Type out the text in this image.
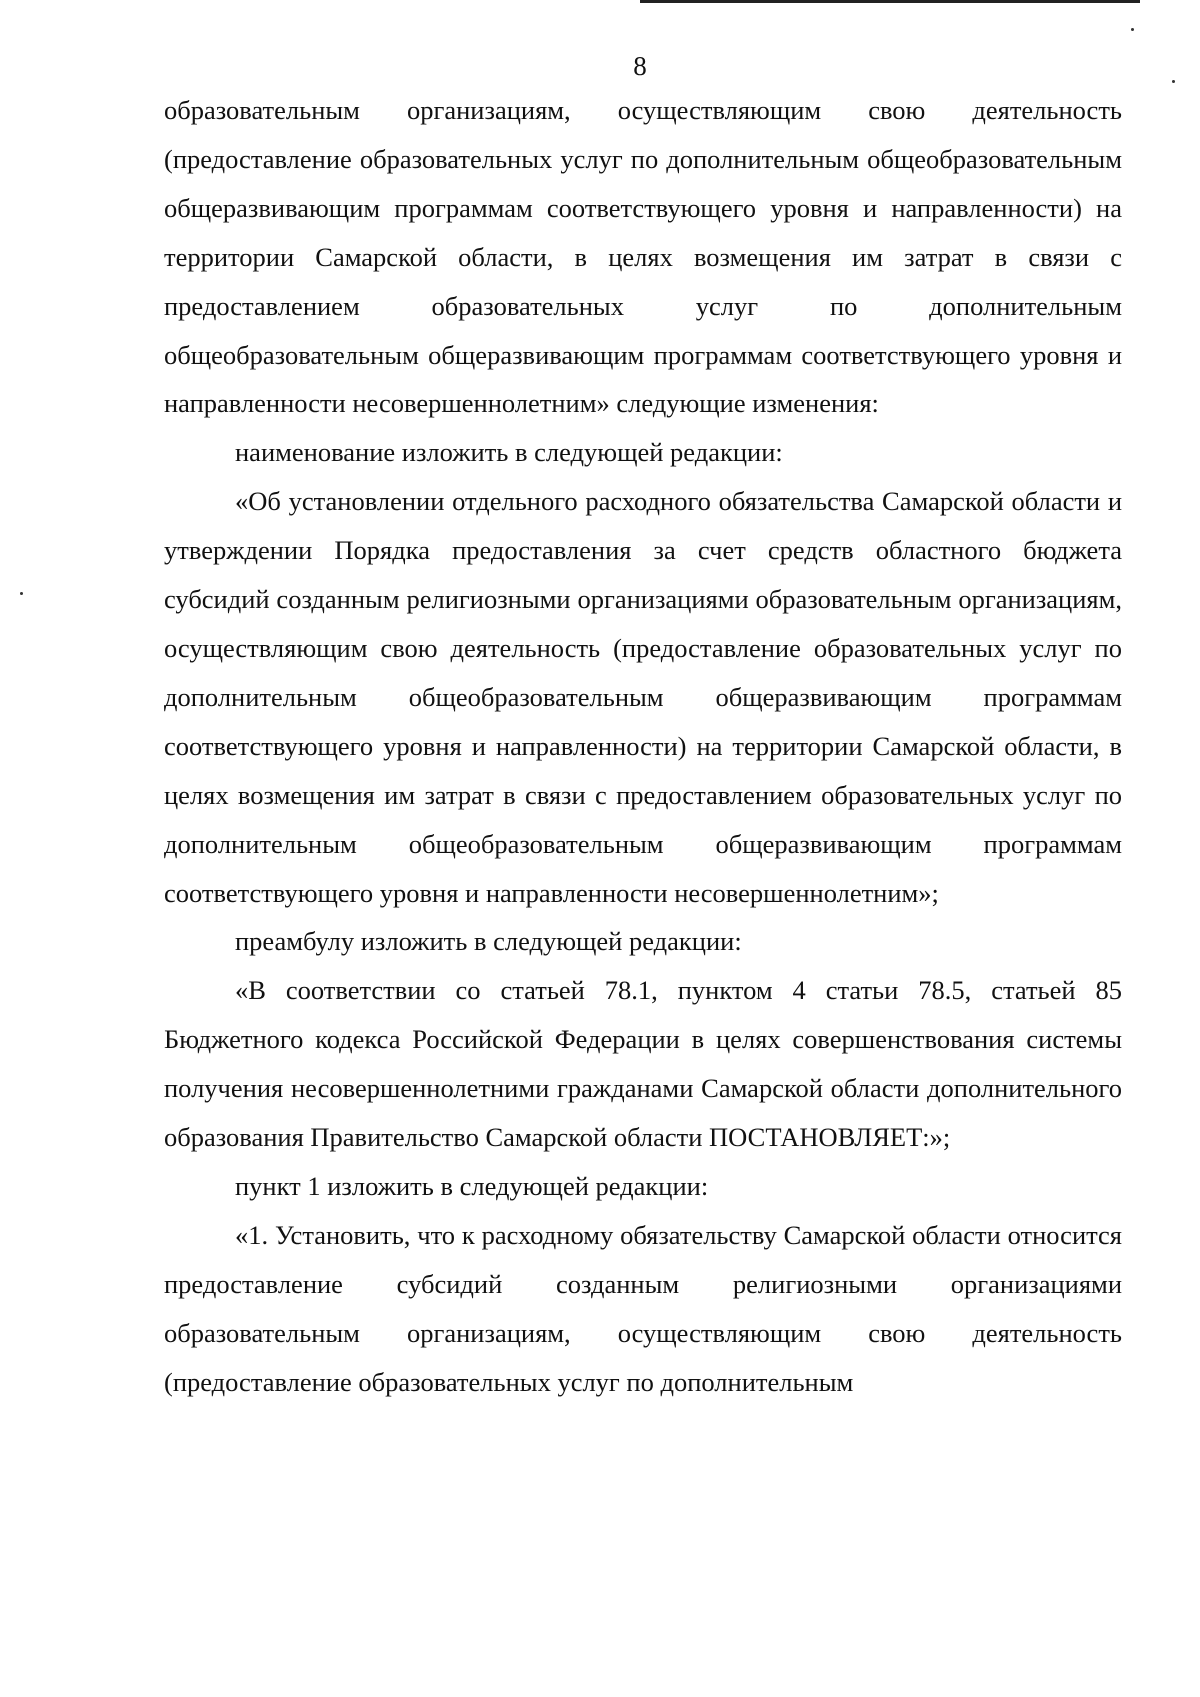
8

образовательным организациям, осуществляющим свою деятельность (предоставление образовательных услуг по дополнительным общеобразовательным общеразвивающим программам соответствующего уровня и направленности) на территории Самарской области, в целях возмещения им затрат в связи с предоставлением образовательных услуг по дополнительным общеобразовательным общеразвивающим программам соответствующего уровня и направленности несовершеннолетним» следующие изменения:

наименование изложить в следующей редакции:

«Об установлении отдельного расходного обязательства Самарской области и утверждении Порядка предоставления за счет средств областного бюджета субсидий созданным религиозными организациями образовательным организациям, осуществляющим свою деятельность (предоставление образовательных услуг по дополнительным общеобразовательным общеразвивающим программам соответствующего уровня и направленности) на территории Самарской области, в целях возмещения им затрат в связи с предоставлением образовательных услуг по дополнительным общеобразовательным общеразвивающим программам соответствующего уровня и направленности несовершеннолетним»;

преамбулу изложить в следующей редакции:

«В соответствии со статьей 78.1, пунктом 4 статьи 78.5, статьей 85 Бюджетного кодекса Российской Федерации в целях совершенствования системы получения несовершеннолетними гражданами Самарской области дополнительного образования Правительство Самарской области ПОСТАНОВЛЯЕТ:»;

пункт 1 изложить в следующей редакции:

«1. Установить, что к расходному обязательству Самарской области относится предоставление субсидий созданным религиозными организациями образовательным организациям, осуществляющим свою деятельность (предоставление образовательных услуг по дополнительным
